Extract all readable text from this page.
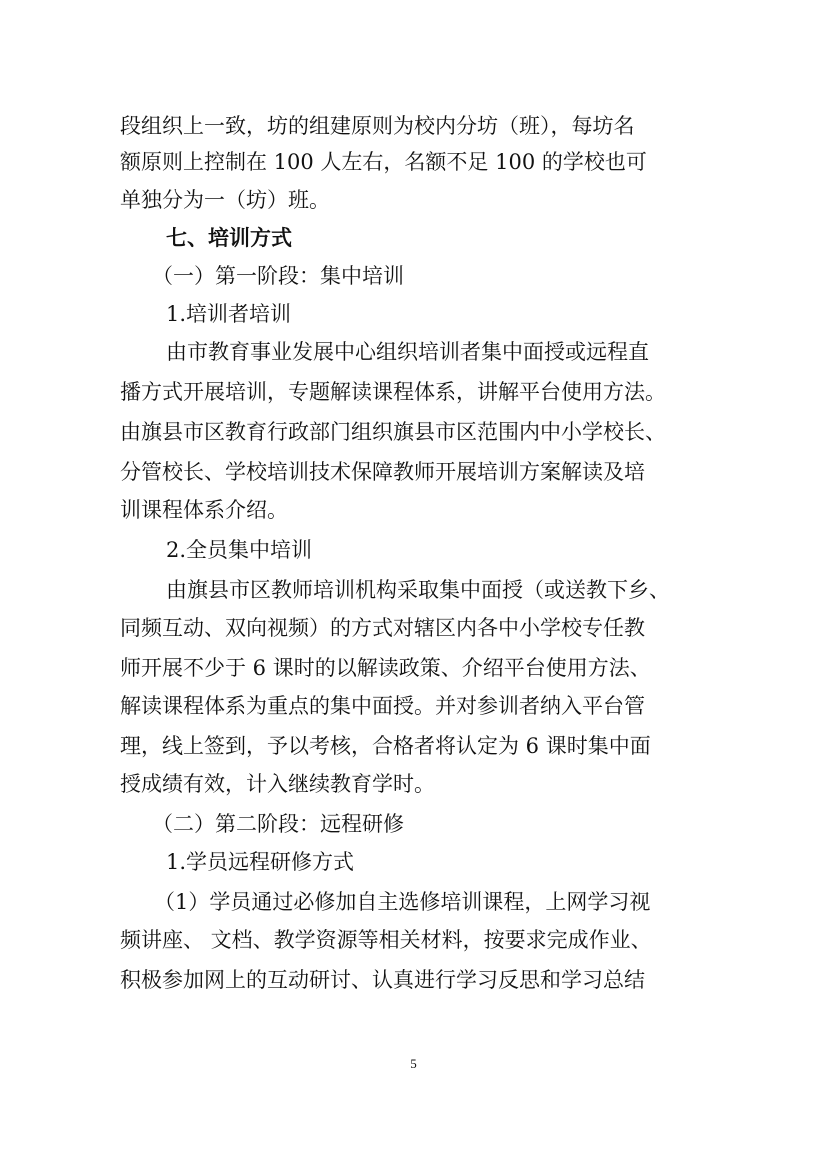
段组织上一致，坊的组建原则为校内分坊（班），每坊名
额原则上控制在 100 人左右，名额不足 100 的学校也可
单独分为一（坊）班。
七、培训方式
（一）第一阶段：集中培训
1.培训者培训
由市教育事业发展中心组织培训者集中面授或远程直
播方式开展培训，专题解读课程体系，讲解平台使用方法。
由旗县市区教育行政部门组织旗县市区范围内中小学校长、
分管校长、学校培训技术保障教师开展培训方案解读及培
训课程体系介绍。
2.全员集中培训
由旗县市区教师培训机构采取集中面授（或送教下乡、
同频互动、双向视频）的方式对辖区内各中小学校专任教
师开展不少于 6 课时的以解读政策、介绍平台使用方法、
解读课程体系为重点的集中面授。并对参训者纳入平台管
理，线上签到，予以考核，合格者将认定为 6 课时集中面
授成绩有效，计入继续教育学时。
（二）第二阶段：远程研修
1.学员远程研修方式
（1）学员通过必修加自主选修培训课程，上网学习视
频讲座、 文档、教学资源等相关材料，按要求完成作业、
积极参加网上的互动研讨、认真进行学习反思和学习总结
5
